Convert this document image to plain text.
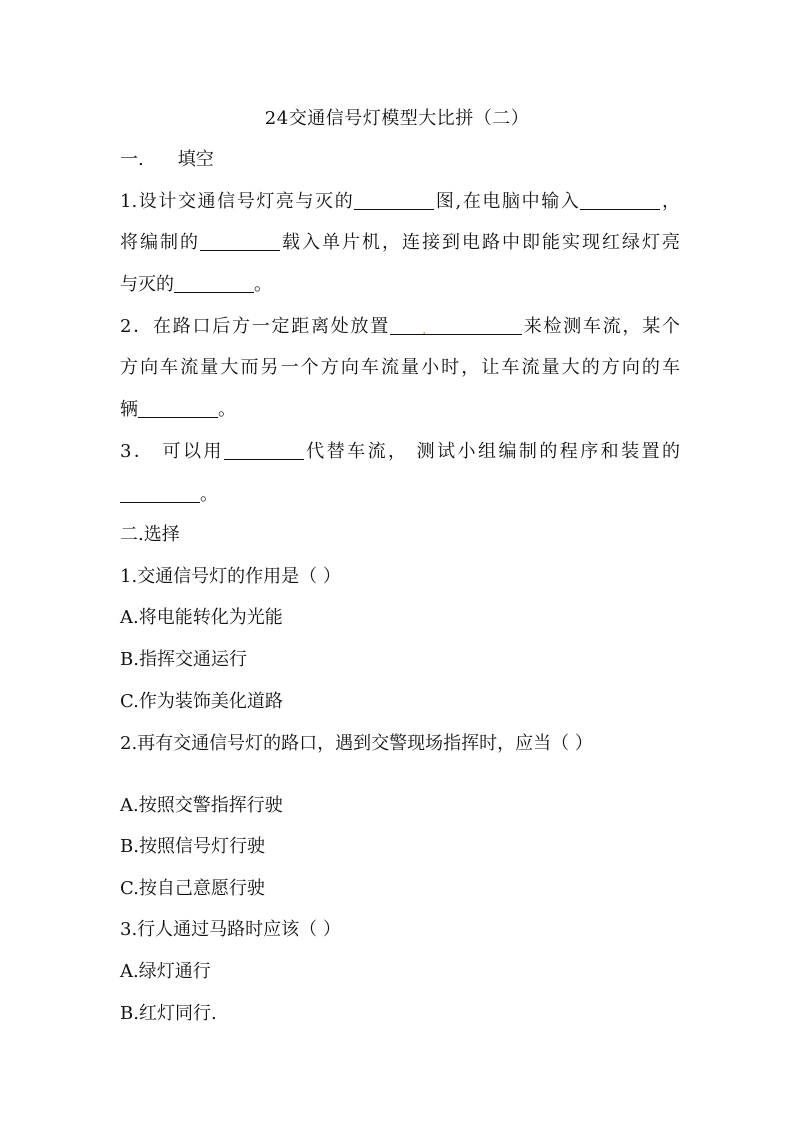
24交通信号灯模型大比拼（二）
一. 填空
1.设计交通信号灯亮与灭的	图,在电脑中输入	，
将编制的	载入单片机，连接到电路中即能实现红绿灯亮
与灭的	。
2．在路口后方一定距离处放置 .	来检测车流，某个
方向车流量大而另一个方向车流量小时，让车流量大的方向的车
辆	。
3． 可以用	代替车流， 测试小组编制的程序和装置的
。
二.选择
1.交通信号灯的作用是（ ）
A.将电能转化为光能
B.指挥交通运行
C.作为装饰美化道路
2.再有交通信号灯的路口，遇到交警现场指挥时，应当（ ）
A.按照交警指挥行驶
B.按照信号灯行驶
C.按自己意愿行驶
3.行人通过马路时应该（ ）
A.绿灯通行
B.红灯同行.
